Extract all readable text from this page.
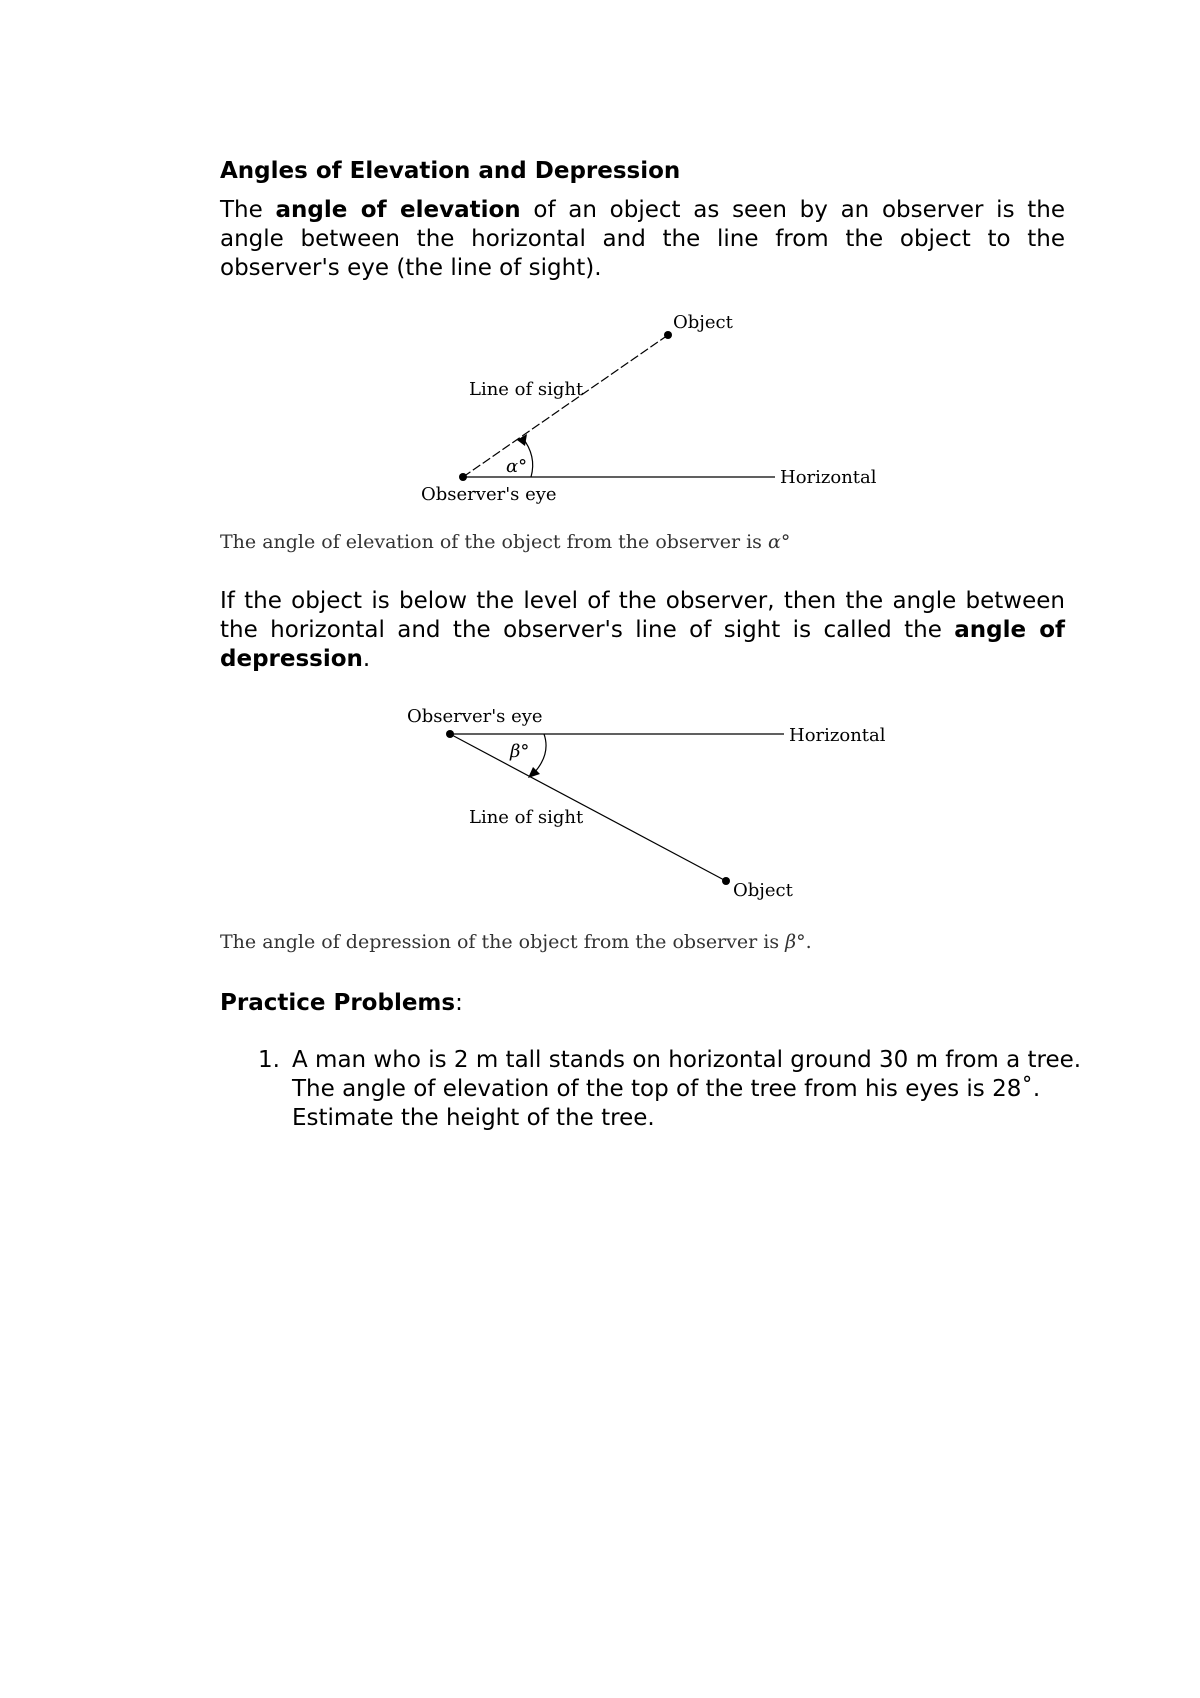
Angles of Elevation and Depression
The angle of elevation of an object as seen by an observer is the angle between the horizontal and the line from the object to the observer's eye (the line of sight).
Object
Line of sight
α°
Horizontal
Observer's eye
The angle of elevation of the object from the observer is α°
If the object is below the level of the observer, then the angle between the horizontal and the observer's line of sight is called the angle of depression.
Observer's eye
Horizontal
β°
Line of sight
Object
The angle of depression of the object from the observer is β°.
Practice Problems:
1. A man who is 2 m tall stands on horizontal ground 30 m from a tree.
The angle of elevation of the top of the tree from his eyes is 28˚.
Estimate the height of the tree.
